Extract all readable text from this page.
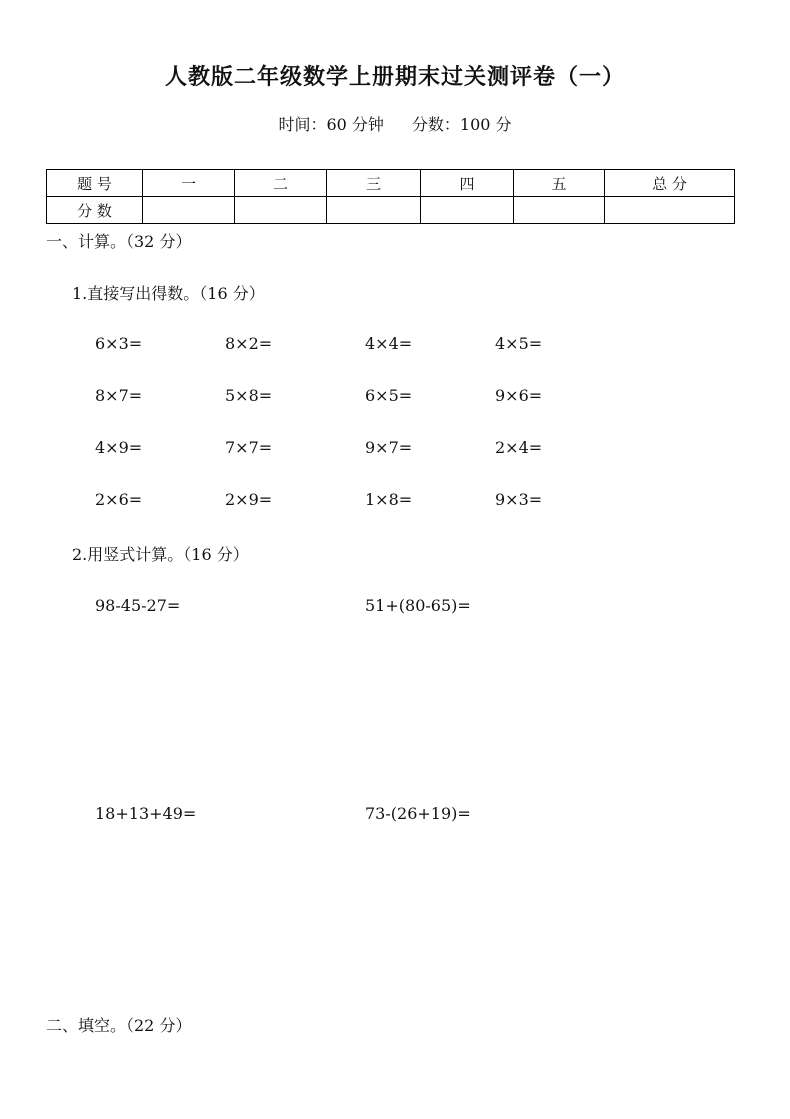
人教版二年级数学上册期末过关测评卷（一）
时间：60 分钟 分数：100 分
题 号	一	二	三	四	五	总 分
分 数						
一、计算。（32 分）
1.直接写出得数。（16 分）
6×3=	8×2=	4×4=	4×5=
8×7=	5×8=	6×5=	9×6=
4×9=	7×7=	9×7=	2×4=
2×6=	2×9=	1×8=	9×3=
2.用竖式计算。（16 分）
98-45-27=	51+(80-65)=
18+13+49=	73-(26+19)=
二、填空。（22 分）
